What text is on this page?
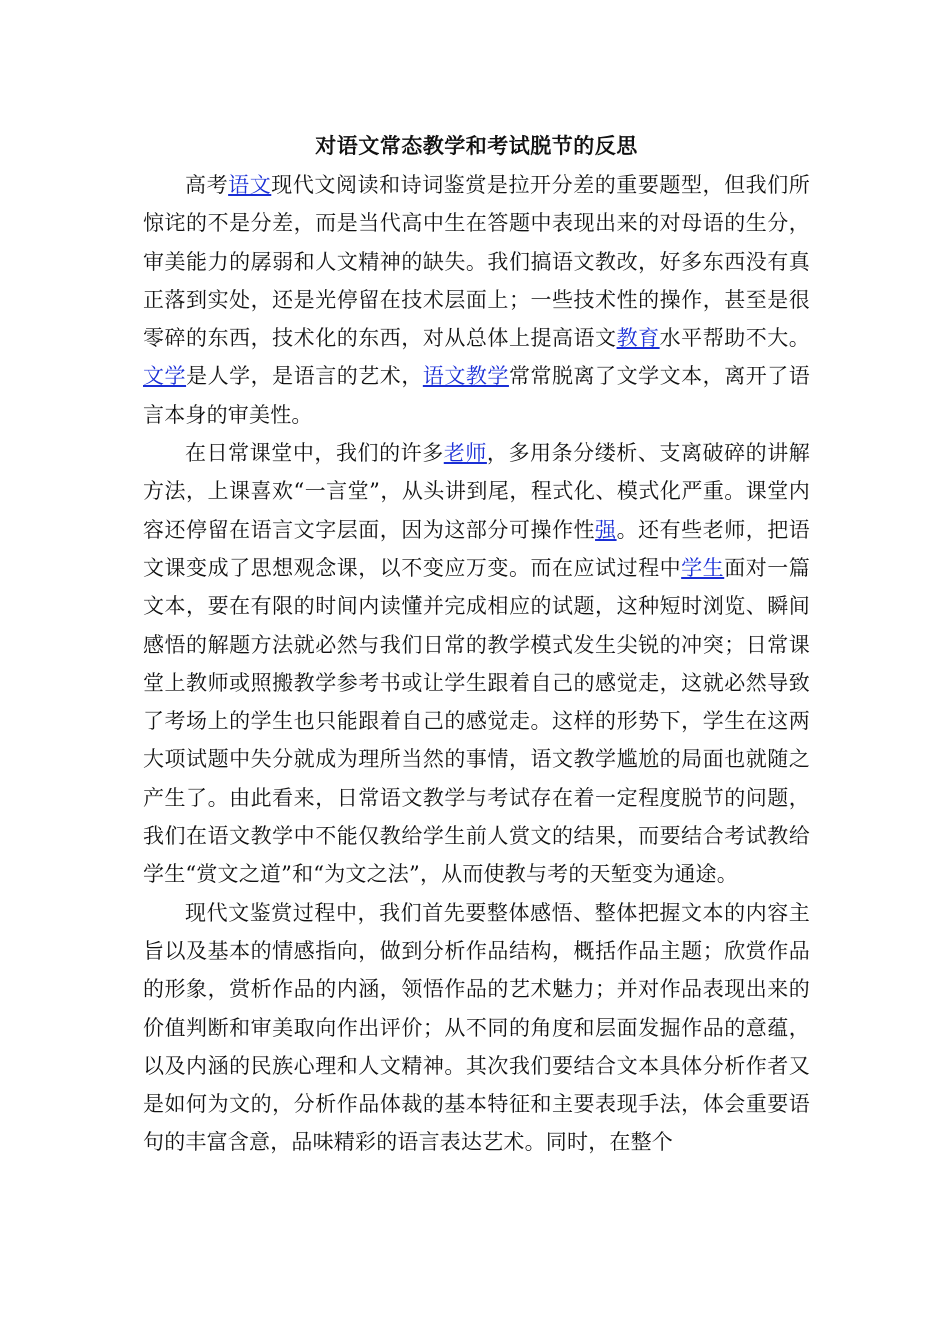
对语文常态教学和考试脱节的反思

高考语文现代文阅读和诗词鉴赏是拉开分差的重要题型，但我们所惊诧的不是分差，而是当代高中生在答题中表现出来的对母语的生分，审美能力的孱弱和人文精神的缺失。我们搞语文教改，好多东西没有真正落到实处，还是光停留在技术层面上；一些技术性的操作，甚至是很零碎的东西，技术化的东西，对从总体上提高语文教育水平帮助不大。文学是人学，是语言的艺术，语文教学常常脱离了文学文本，离开了语言本身的审美性。

在日常课堂中，我们的许多老师，多用条分缕析、支离破碎的讲解方法，上课喜欢“一言堂”，从头讲到尾，程式化、模式化严重。课堂内容还停留在语言文字层面，因为这部分可操作性强。还有些老师，把语文课变成了思想观念课，以不变应万变。而在应试过程中学生面对一篇文本，要在有限的时间内读懂并完成相应的试题，这种短时浏览、瞬间感悟的解题方法就必然与我们日常的教学模式发生尖锐的冲突；日常课堂上教师或照搬教学参考书或让学生跟着自己的感觉走，这就必然导致了考场上的学生也只能跟着自己的感觉走。这样的形势下，学生在这两大项试题中失分就成为理所当然的事情，语文教学尴尬的局面也就随之产生了。由此看来，日常语文教学与考试存在着一定程度脱节的问题，我们在语文教学中不能仅教给学生前人赏文的结果，而要结合考试教给学生“赏文之道”和“为文之法”，从而使教与考的天堑变为通途。

现代文鉴赏过程中，我们首先要整体感悟、整体把握文本的内容主旨以及基本的情感指向，做到分析作品结构，概括作品主题；欣赏作品的形象，赏析作品的内涵，领悟作品的艺术魅力；并对作品表现出来的价值判断和审美取向作出评价；从不同的角度和层面发掘作品的意蕴，以及内涵的民族心理和人文精神。其次我们要结合文本具体分析作者又是如何为文的，分析作品体裁的基本特征和主要表现手法，体会重要语句的丰富含意，品味精彩的语言表达艺术。同时，在整个
